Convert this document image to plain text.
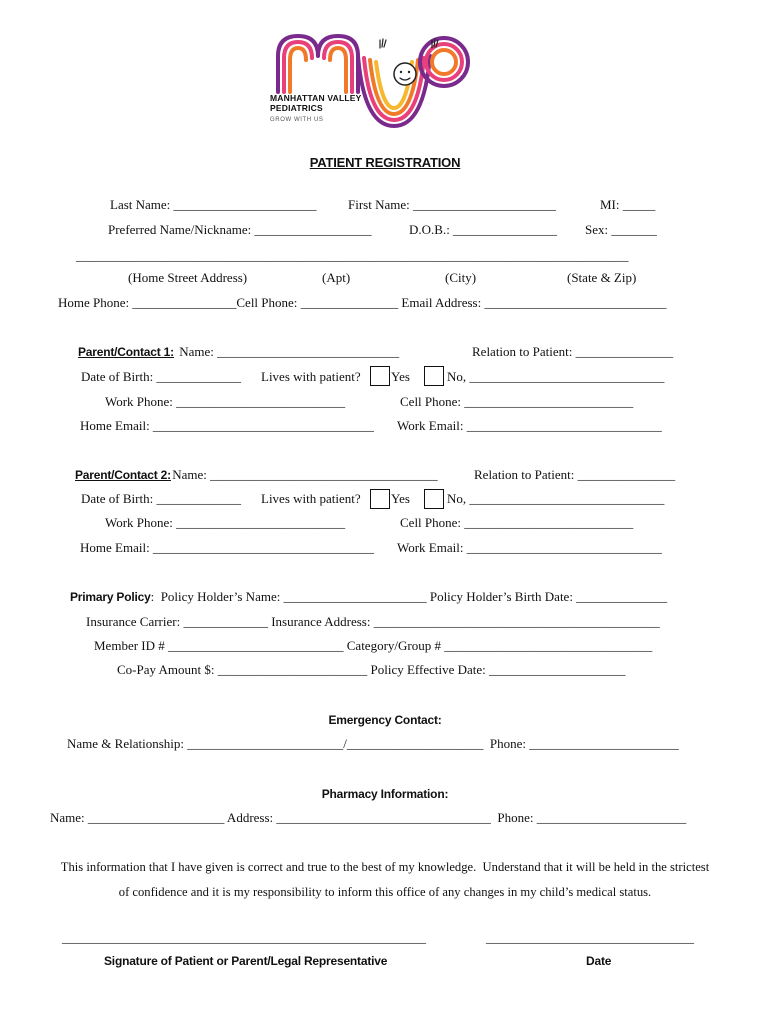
MANHATTAN VALLEY
PEDIATRICS
GROW WITH US
PATIENT REGISTRATION
Last Name: ______________________ First Name: ______________________	MI: _____
Preferred Name/Nickname: __________________	D.O.B.: ________________ Sex: _______
_____________________________________________________________________________________
(Home Street Address)	(Apt)	(City)	(State & Zip)
Home Phone: ________________Cell Phone: _______________ Email Address: ____________________________
Parent/Contact 1: Name: ____________________________	Relation to Patient: _______________
Date of Birth: _____________ Lives with patient? Yes	No, ______________________________
Work Phone: __________________________	Cell Phone: __________________________
Home Email: __________________________________ Work Email: ______________________________
Parent/Contact 2:
Name: ___________________________________	Relation to Patient: _______________
Date of Birth: _____________ Lives with patient? Yes	No, ______________________________
Work Phone: __________________________	Cell Phone: __________________________
Home Email: __________________________________ Work Email: ______________________________
Primary Policy:  Policy Holder’s Name: ______________________ Policy Holder’s Birth Date: ______________
Insurance Carrier: _____________ Insurance Address: ____________________________________________
Member ID # ___________________________ Category/Group # ________________________________
Co-Pay Amount $: _______________________ Policy Effective Date: _____________________
Emergency Contact:
Name & Relationship: ________________________/_____________________  Phone: _______________________
Pharmacy Information:
Name: _____________________ Address: _________________________________  Phone: _______________________
This information that I have given is correct and true to the best of my knowledge.  Understand that it will be held in the strictest
of confidence and it is my responsibility to inform this office of any changes in my child’s medical status.
________________________________________________________	________________________________
Signature of Patient or Parent/Legal Representative	Date
